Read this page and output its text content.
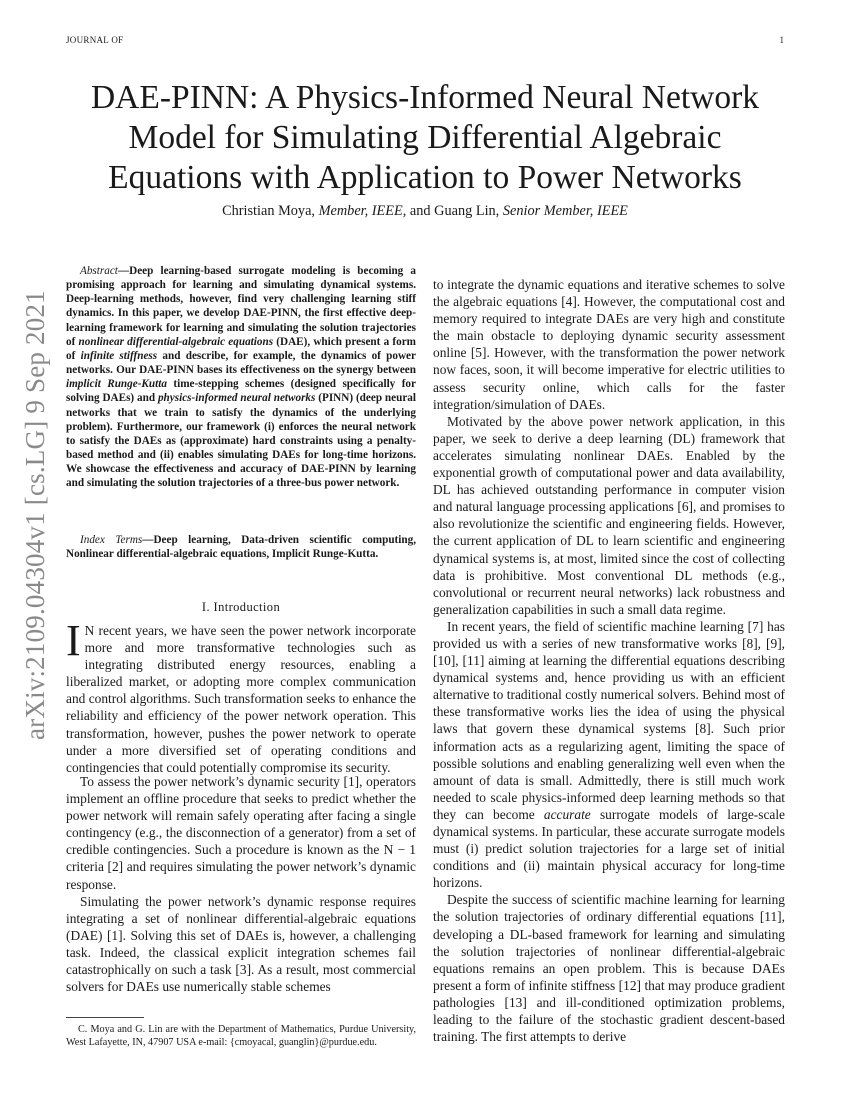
JOURNAL OF	1
arXiv:2109.04304v1 [cs.LG] 9 Sep 2021
DAE-PINN: A Physics-Informed Neural Network
Model for Simulating Differential Algebraic
Equations with Application to Power Networks
Christian Moya, Member, IEEE, and Guang Lin, Senior Member, IEEE

Abstract—Deep learning-based surrogate modeling is becoming a promising approach for learning and simulating dynamical systems. Deep-learning methods, however, find very challenging learning stiff dynamics. In this paper, we develop DAE-PINN, the first effective deep-learning framework for learning and simulating the solution trajectories of nonlinear differential-algebraic equations (DAE), which present a form of infinite stiffness and describe, for example, the dynamics of power networks. Our DAE-PINN bases its effectiveness on the synergy between implicit Runge-Kutta time-stepping schemes (designed specifically for solving DAEs) and physics-informed neural networks (PINN) (deep neural networks that we train to satisfy the dynamics of the underlying problem). Furthermore, our framework (i) enforces the neural network to satisfy the DAEs as (approximate) hard constraints using a penalty-based method and (ii) enables simulating DAEs for long-time horizons. We showcase the effectiveness and accuracy of DAE-PINN by learning and simulating the solution trajectories of a three-bus power network.

Index Terms—Deep learning, Data-driven scientific computing, Nonlinear differential-algebraic equations, Implicit Runge-Kutta.

I. Introduction

I N recent years, we have seen the power network incorporate more and more transformative technologies such as integrating distributed energy resources, enabling a liberalized market, or adopting more complex communication and control algorithms. Such transformation seeks to enhance the reliability and efficiency of the power network operation. This transformation, however, pushes the power network to operate under a more diversified set of operating conditions and contingencies that could potentially compromise its security.

To assess the power network’s dynamic security [1], operators implement an offline procedure that seeks to predict whether the power network will remain safely operating after facing a single contingency (e.g., the disconnection of a generator) from a set of credible contingencies. Such a procedure is known as the N − 1 criteria [2] and requires simulating the power network’s dynamic response.

Simulating the power network’s dynamic response requires integrating a set of nonlinear differential-algebraic equations (DAE) [1]. Solving this set of DAEs is, however, a challenging task. Indeed, the classical explicit integration schemes fail catastrophically on such a task [3]. As a result, most commercial solvers for DAEs use numerically stable schemes

C. Moya and G. Lin are with the Department of Mathematics, Purdue University, West Lafayette, IN, 47907 USA e-mail: {cmoyacal, guanglin}@purdue.edu.

to integrate the dynamic equations and iterative schemes to solve the algebraic equations [4]. However, the computational cost and memory required to integrate DAEs are very high and constitute the main obstacle to deploying dynamic security assessment online [5]. However, with the transformation the power network now faces, soon, it will become imperative for electric utilities to assess security online, which calls for the faster integration/simulation of DAEs.

Motivated by the above power network application, in this paper, we seek to derive a deep learning (DL) framework that accelerates simulating nonlinear DAEs. Enabled by the exponential growth of computational power and data availability, DL has achieved outstanding performance in computer vision and natural language processing applications [6], and promises to also revolutionize the scientific and engineering fields. However, the current application of DL to learn scientific and engineering dynamical systems is, at most, limited since the cost of collecting data is prohibitive. Most conventional DL methods (e.g., convolutional or recurrent neural networks) lack robustness and generalization capabilities in such a small data regime.

In recent years, the field of scientific machine learning [7] has provided us with a series of new transformative works [8], [9], [10], [11] aiming at learning the differential equations describing dynamical systems and, hence providing us with an efficient alternative to traditional costly numerical solvers. Behind most of these transformative works lies the idea of using the physical laws that govern these dynamical systems [8]. Such prior information acts as a regularizing agent, limiting the space of possible solutions and enabling generalizing well even when the amount of data is small. Admittedly, there is still much work needed to scale physics-informed deep learning methods so that they can become accurate surrogate models of large-scale dynamical systems. In particular, these accurate surrogate models must (i) predict solution trajectories for a large set of initial conditions and (ii) maintain physical accuracy for long-time horizons.

Despite the success of scientific machine learning for learning the solution trajectories of ordinary differential equations [11], developing a DL-based framework for learning and simulating the solution trajectories of nonlinear differential-algebraic equations remains an open problem. This is because DAEs present a form of infinite stiffness [12] that may produce gradient pathologies [13] and ill-conditioned optimization problems, leading to the failure of the stochastic gradient descent-based training. The first attempts to derive
